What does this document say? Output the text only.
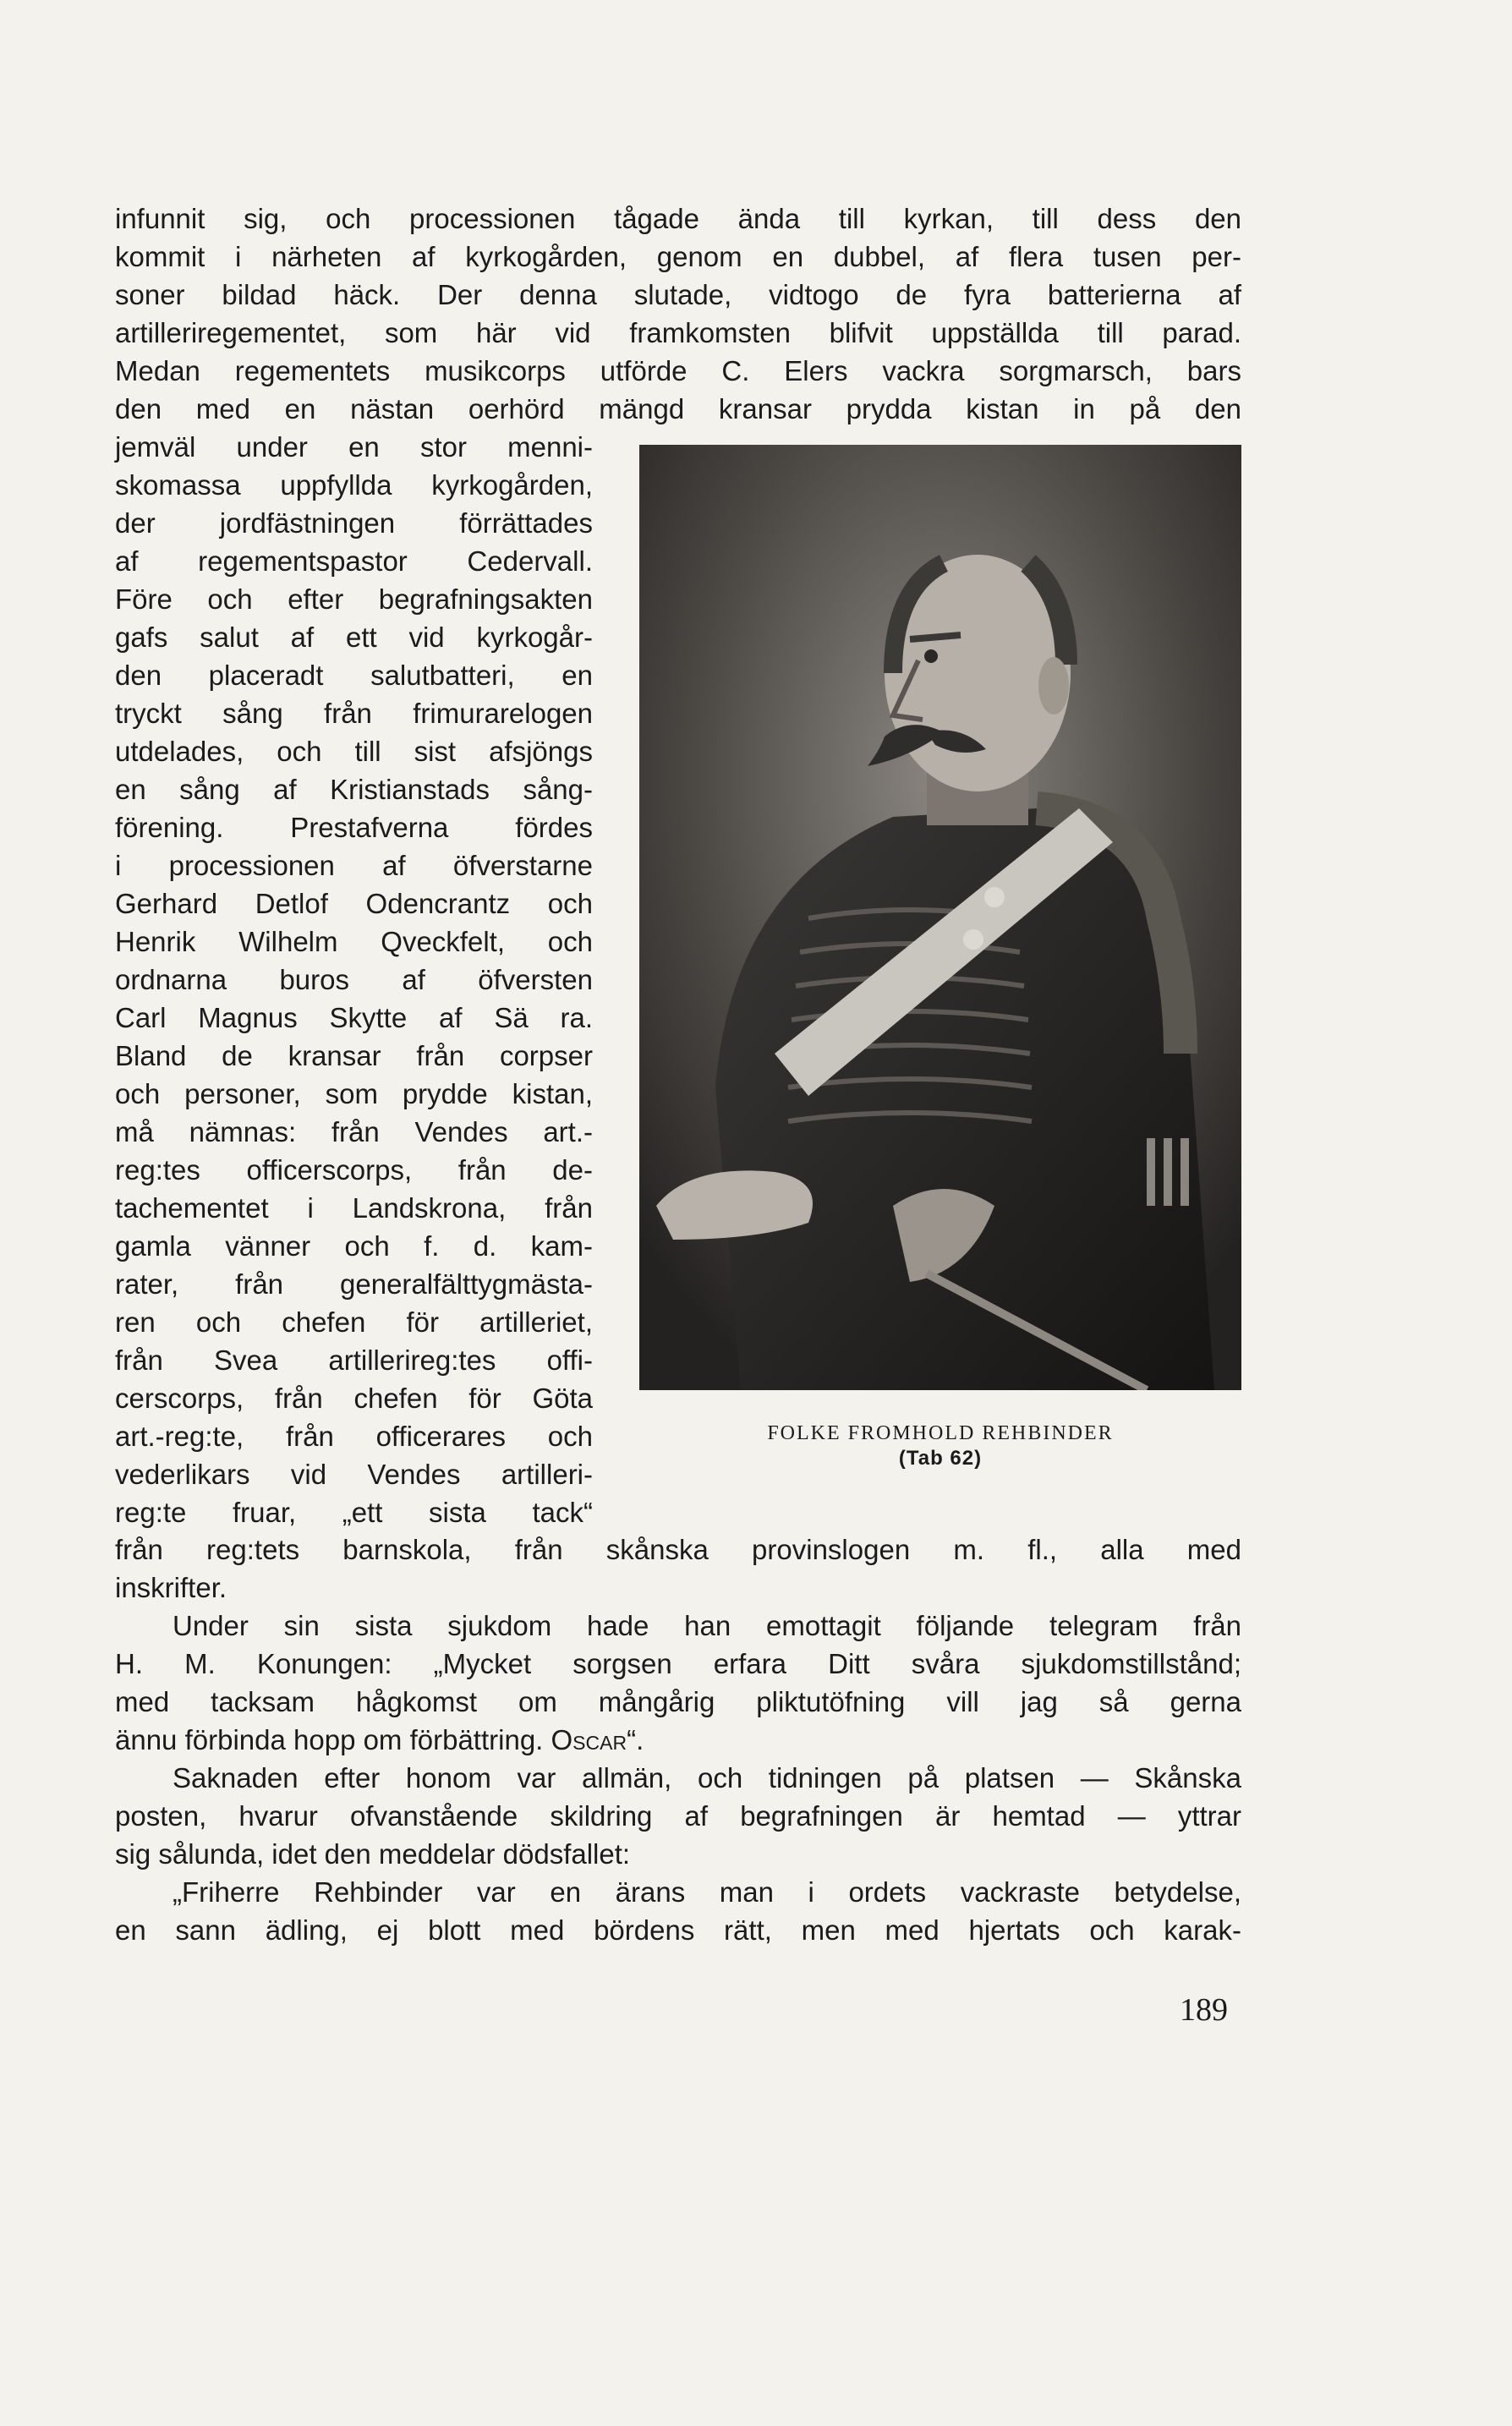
infunnit sig, och processionen tågade ända till kyrkan, till dess den

kommit i närheten af kyrkogården, genom en dubbel, af flera tusen per-

soner bildad häck. Der denna slutade, vidtogo de fyra batterierna af

artilleriregementet, som här vid framkomsten blifvit uppställda till parad.

Medan regementets musikcorps utförde C. Elers vackra sorgmarsch, bars

den med en nästan oerhörd mängd kransar prydda kistan in på den

jemväl under en stor menni-

skomassa uppfyllda kyrkogården,

der jordfästningen förrättades

af regementspastor Cedervall.

Före och efter begrafningsakten

gafs salut af ett vid kyrkogår-

den placeradt salutbatteri, en

tryckt sång från frimurarelogen

utdelades, och till sist afsjöngs

en sång af Kristianstads sång-

förening. Prestafverna fördes

i processionen af öfverstarne

Gerhard Detlof Odencrantz och

Henrik Wilhelm Qveckfelt, och

ordnarna buros af öfversten

Carl Magnus Skytte af Sä ra.

Bland de kransar från corpser

och personer, som prydde kistan,

må nämnas: från Vendes art.-

reg:tes officerscorps, från de-

tachementet i Landskrona, från

gamla vänner och f. d. kam-

rater, från generalfälttygmästa-

ren och chefen för artilleriet,

från Svea artillerireg:tes offi-

cerscorps, från chefen för Göta

art.-reg:te, från officerares och

vederlikars vid Vendes artilleri-

reg:te fruar, „ett sista tack“

FOLKE FROMHOLD REHBINDER
(Tab 62)

från reg:tets barnskola, från skånska provinslogen m. fl., alla med

inskrifter.

Under sin sista sjukdom hade han emottagit följande telegram från

H. M. Konungen: „Mycket sorgsen erfara Ditt svåra sjukdomstillstånd;

med tacksam hågkomst om mångårig pliktutöfning vill jag så gerna

ännu förbinda hopp om förbättring. Oscar“.

Saknaden efter honom var allmän, och tidningen på platsen — Skånska

posten, hvarur ofvanstående skildring af begrafningen är hemtad — yttrar

sig sålunda, idet den meddelar dödsfallet:

„Friherre Rehbinder var en ärans man i ordets vackraste betydelse,

en sann ädling, ej blott med bördens rätt, men med hjertats och karak-

189
